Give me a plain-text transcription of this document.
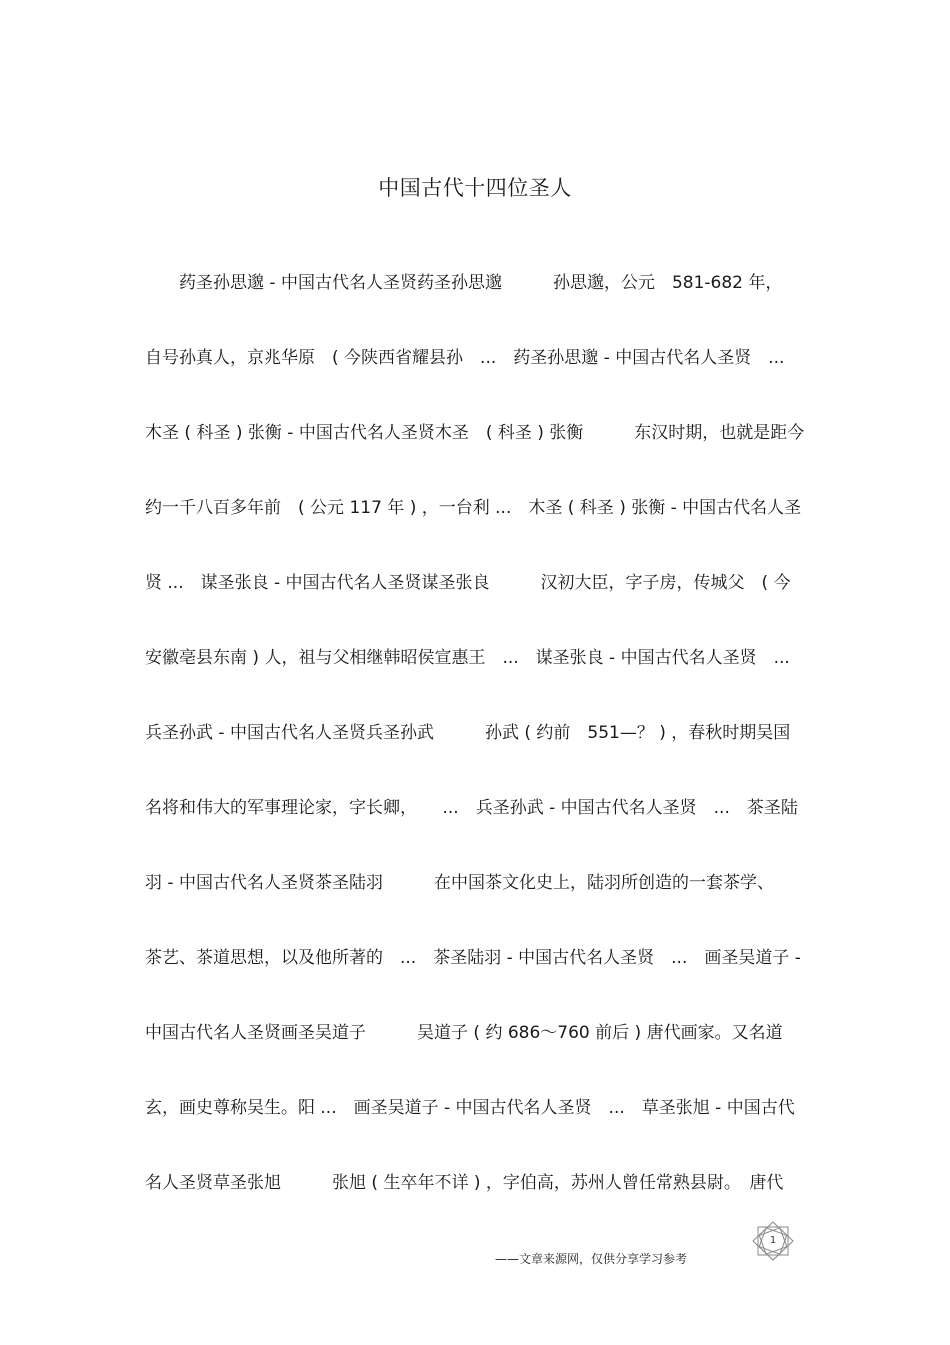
中国古代十四位圣人
　　药圣孙思邈 - 中国古代名人圣贤药圣孙思邈　　　孙思邈，公元　581-682 年，
自号孙真人，京兆华原　( 今陕西省耀县孙　...　药圣孙思邈 - 中国古代名人圣贤　...
木圣 ( 科圣 ) 张衡 - 中国古代名人圣贤木圣　( 科圣 ) 张衡　　　东汉时期，也就是距今
约一千八百多年前　( 公元 117 年 ) ，一台利 ...　木圣 ( 科圣 ) 张衡 - 中国古代名人圣
贤 ...　谋圣张良 - 中国古代名人圣贤谋圣张良　　　汉初大臣，字子房，传城父　( 今
安徽亳县东南 ) 人，祖与父相继韩昭侯宣惠王　...　谋圣张良 - 中国古代名人圣贤　...
兵圣孙武 - 中国古代名人圣贤兵圣孙武　　　孙武 ( 约前　551—？ ) ，春秋时期吴国
名将和伟大的军事理论家，字长卿，　　...　兵圣孙武 - 中国古代名人圣贤　...　茶圣陆
羽 - 中国古代名人圣贤茶圣陆羽　　　在中国茶文化史上，陆羽所创造的一套茶学、
茶艺、茶道思想，以及他所著的　...　茶圣陆羽 - 中国古代名人圣贤　...　画圣吴道子 -
中国古代名人圣贤画圣吴道子　　　吴道子 ( 约 686～760 前后 ) 唐代画家。又名道
玄，画史尊称吴生。阳 ...　画圣吴道子 - 中国古代名人圣贤　...　草圣张旭 - 中国古代
名人圣贤草圣张旭　　　张旭 ( 生卒年不详 ) ，字伯高，苏州人曾任常熟县尉。　唐代
——文章来源网，仅供分享学习参考
1
